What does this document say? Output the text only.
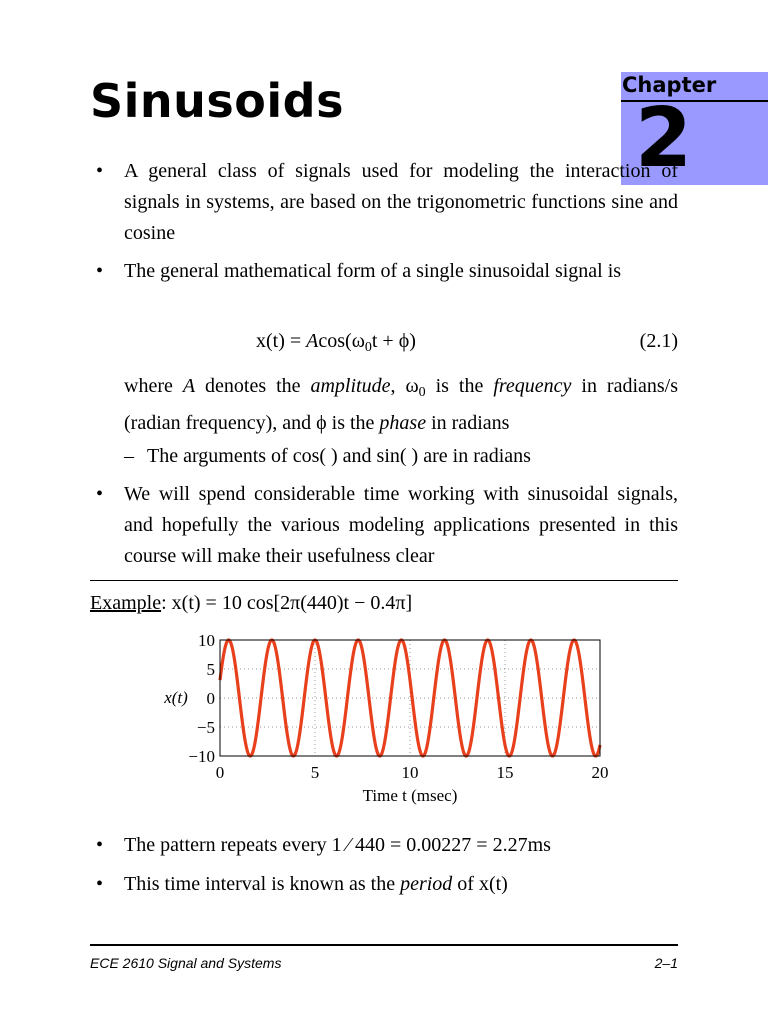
Sinusoids	Chapter
2
• A general class of signals used for modeling the interaction of signals in systems, are based on the trigonometric functions sine and cosine
• The general mathematical form of a single sinusoidal signal is
$x(t) = Acos(\omega_0t + \phi)$	(2.1)
where A denotes the amplitude, $\omega_0$ is the frequency in radians/s (radian frequency), and ϕ is the phase in radians
– The arguments of cos( ) and sin( ) are in radians
• We will spend considerable time working with sinusoidal signals, and hopefully the various modeling applications presented in this course will make their usefulness clear
Example: x(t) = 10 cos[2π(440)t − 0.4π]
0	5	10	15	20
10
5
0
−5
−10
Time t (msec)
x(t)
• The pattern repeats every 1 ⁄ 440 = 0.00227 = 2.27ms
• This time interval is known as the period of x(t)
ECE 2610 Signal and Systems	2–1
